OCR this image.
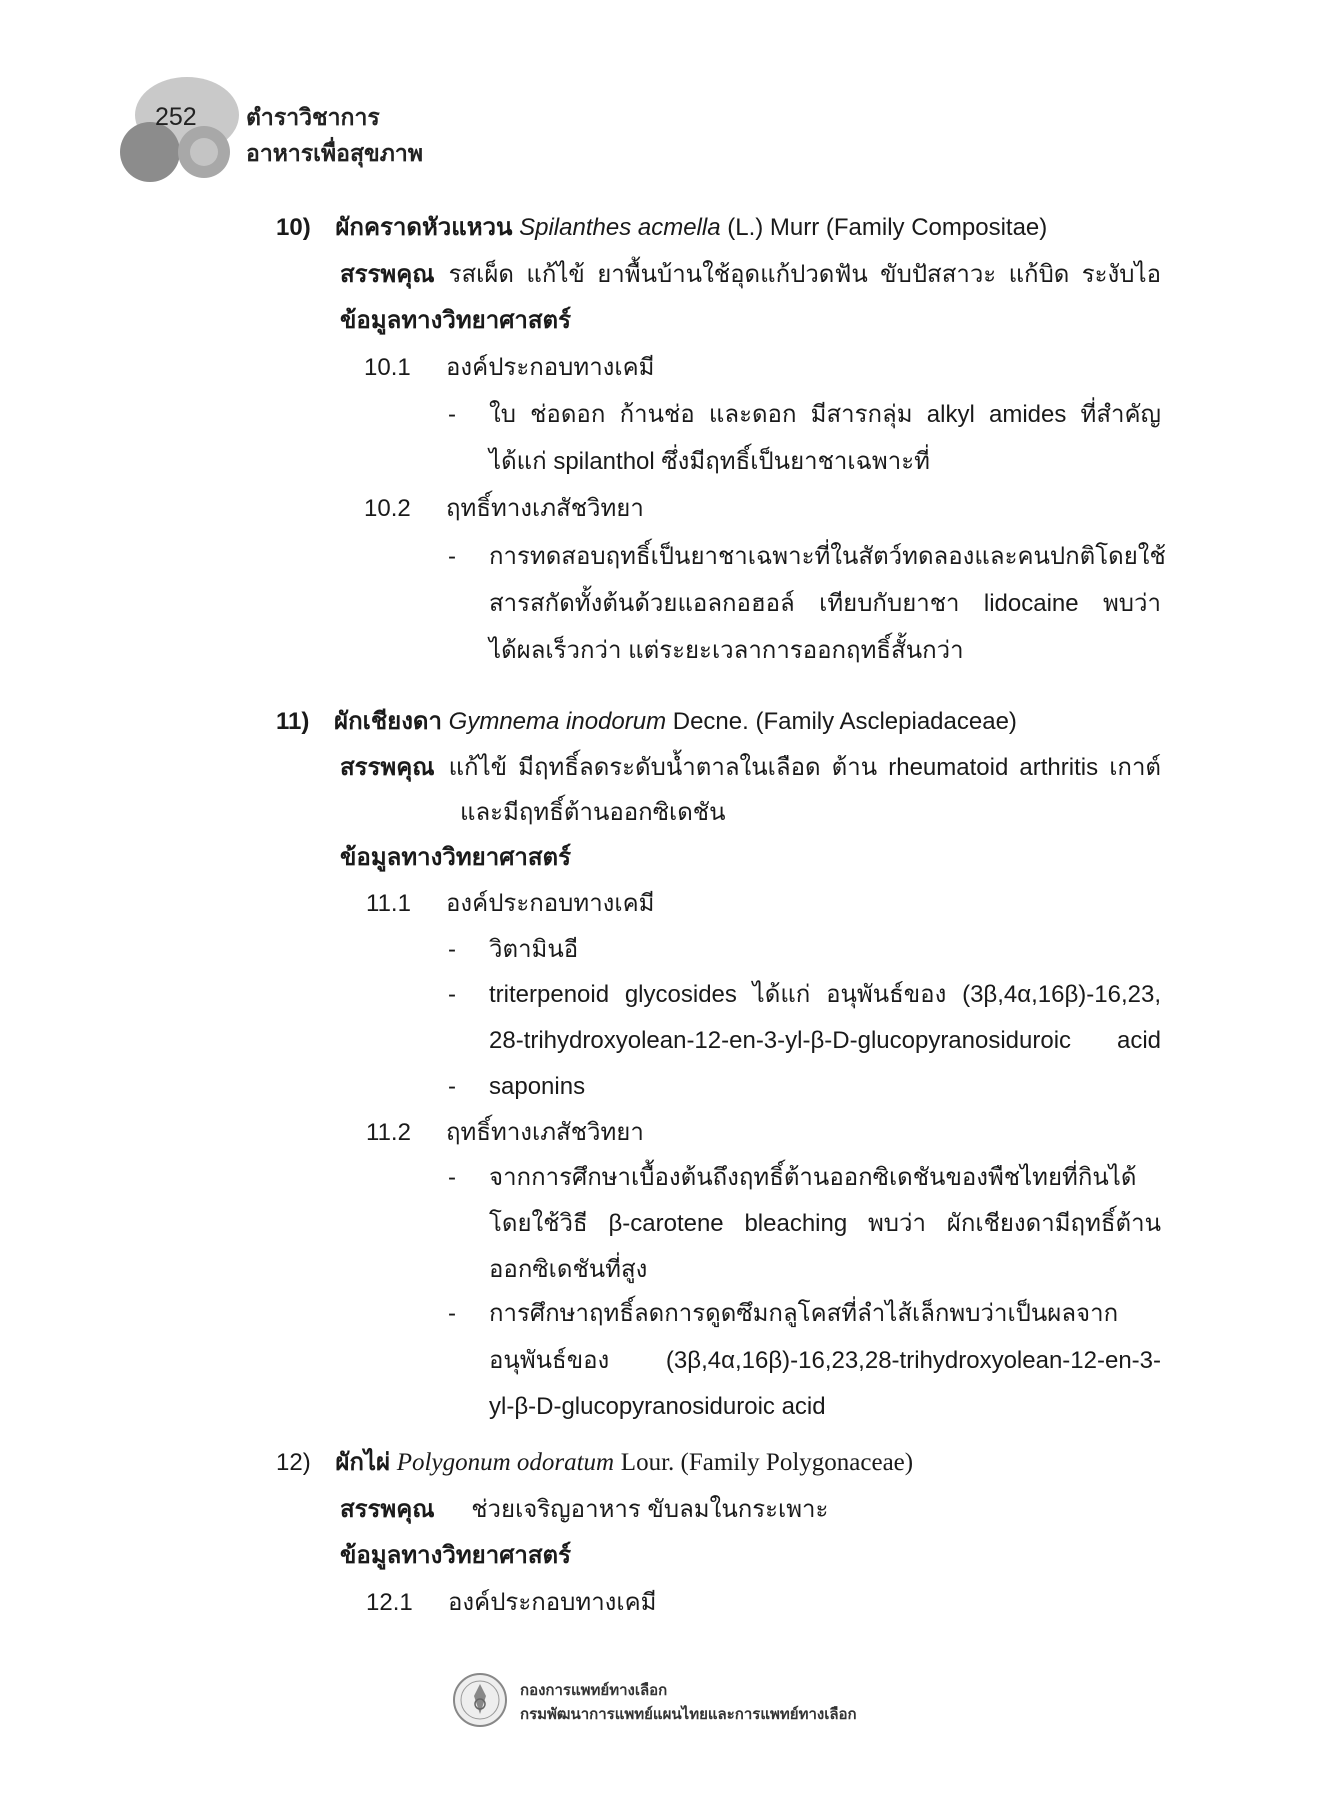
252 ตำราวิชาการ
อาหารเพื่อสุขภาพ
10) ผักคราดหัวแหวน Spilanthes acmella (L.) Murr (Family Compositae)
สรรพคุณ รสเผ็ด แก้ไข้ ยาพื้นบ้านใช้อุดแก้ปวดฟัน ขับปัสสาวะ แก้บิด ระงับไอ
ข้อมูลทางวิทยาศาสตร์
10.1 องค์ประกอบทางเคมี
- ใบ ช่อดอก ก้านช่อ และดอก มีสารกลุ่ม alkyl amides ที่สำคัญ
ได้แก่ spilanthol ซึ่งมีฤทธิ์เป็นยาชาเฉพาะที่
10.2 ฤทธิ์ทางเภสัชวิทยา
- การทดสอบฤทธิ์เป็นยาชาเฉพาะที่ในสัตว์ทดลองและคนปกติโดยใช้
สารสกัดทั้งต้นด้วยแอลกอฮอล์ เทียบกับยาชา lidocaine พบว่า
ได้ผลเร็วกว่า แต่ระยะเวลาการออกฤทธิ์สั้นกว่า
11) ผักเชียงดา Gymnema inodorum Decne. (Family Asclepiadaceae)
สรรพคุณ แก้ไข้ มีฤทธิ์ลดระดับน้ำตาลในเลือด ต้าน rheumatoid arthritis เกาต์
และมีฤทธิ์ต้านออกซิเดชัน
ข้อมูลทางวิทยาศาสตร์
11.1 องค์ประกอบทางเคมี
- วิตามินอี
- triterpenoid glycosides ได้แก่ อนุพันธ์ของ (3β,4α,16β)-16,23,
28-trihydroxyolean-12-en-3-yl-β-D-glucopyranosiduroic acid
- saponins
11.2 ฤทธิ์ทางเภสัชวิทยา
- จากการศึกษาเบื้องต้นถึงฤทธิ์ต้านออกซิเดชันของพืชไทยที่กินได้
โดยใช้วิธี β-carotene bleaching พบว่า ผักเชียงดามีฤทธิ์ต้าน
ออกซิเดชันที่สูง
- การศึกษาฤทธิ์ลดการดูดซึมกลูโคสที่ลำไส้เล็กพบว่าเป็นผลจาก
อนุพันธ์ของ (3β,4α,16β)-16,23,28-trihydroxyolean-12-en-3-
yl-β-D-glucopyranosiduroic acid
12) ผักไผ่ Polygonum odoratum Lour. (Family Polygonaceae)
สรรพคุณ ช่วยเจริญอาหาร ขับลมในกระเพาะ
ข้อมูลทางวิทยาศาสตร์
12.1 องค์ประกอบทางเคมี
กองการแพทย์ทางเลือก
กรมพัฒนาการแพทย์แผนไทยและการแพทย์ทางเลือก
